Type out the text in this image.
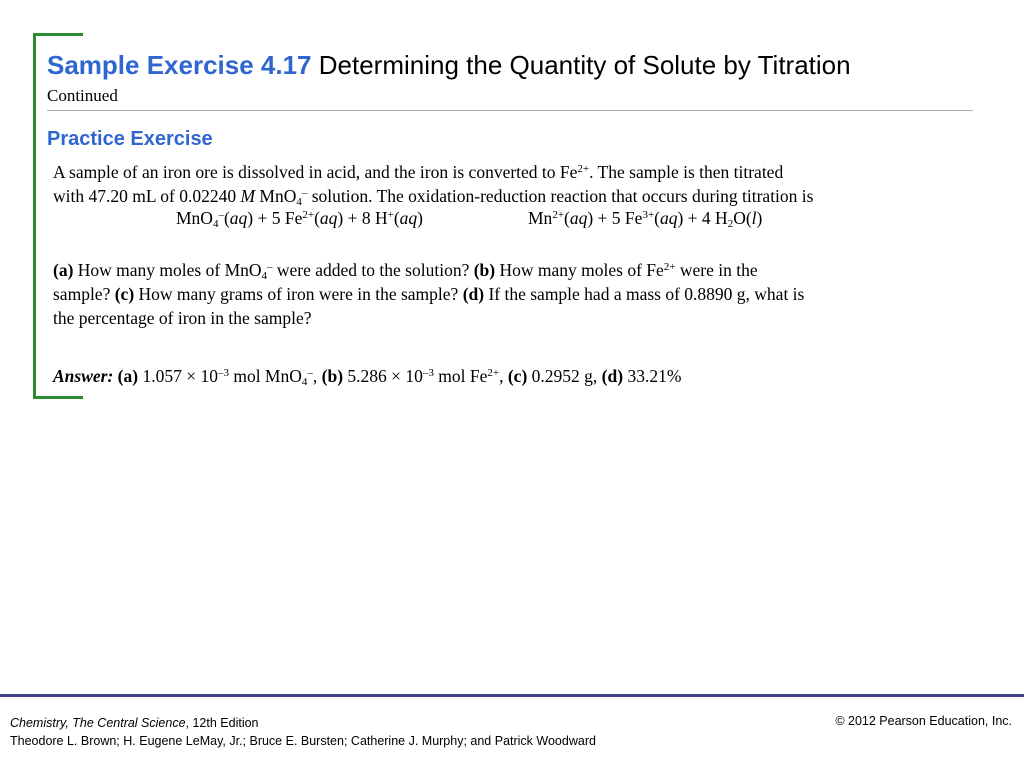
Sample Exercise 4.17 Determining the Quantity of Solute by Titration
Continued
Practice Exercise
A sample of an iron ore is dissolved in acid, and the iron is converted to $Fe^{2+}$. The sample is then titrated
with 47.20 mL of 0.02240 M MnO$_4$– solution. The oxidation-reduction reaction that occurs during titration is
MnO$_4$–(aq) + 5 $Fe^{2+}(aq) + 8$ H+(aq)	$Mn^{2+}(aq) + 5$ $Fe^{3+}(aq) + 4$ $H_2O(l)$
(a) How many moles of MnO$_4$– were added to the solution? (b) How many moles of $Fe^{2+}$ were in the
sample? (c) How many grams of iron were in the sample? (d) If the sample had a mass of 0.8890 g, what is
the percentage of iron in the sample?
Answer: (a) $1.057 \times 10^{-3}$ mol MnO$_4$–, (b) $5.286 \times 10^{-3}$ mol $Fe^{2+}$, (c) 0.2952 g, (d) 33.21%
Chemistry, The Central Science, 12th Edition
Theodore L. Brown; H. Eugene LeMay, Jr.; Bruce E. Bursten; Catherine J. Murphy; and Patrick Woodward
© 2012 Pearson Education, Inc.
